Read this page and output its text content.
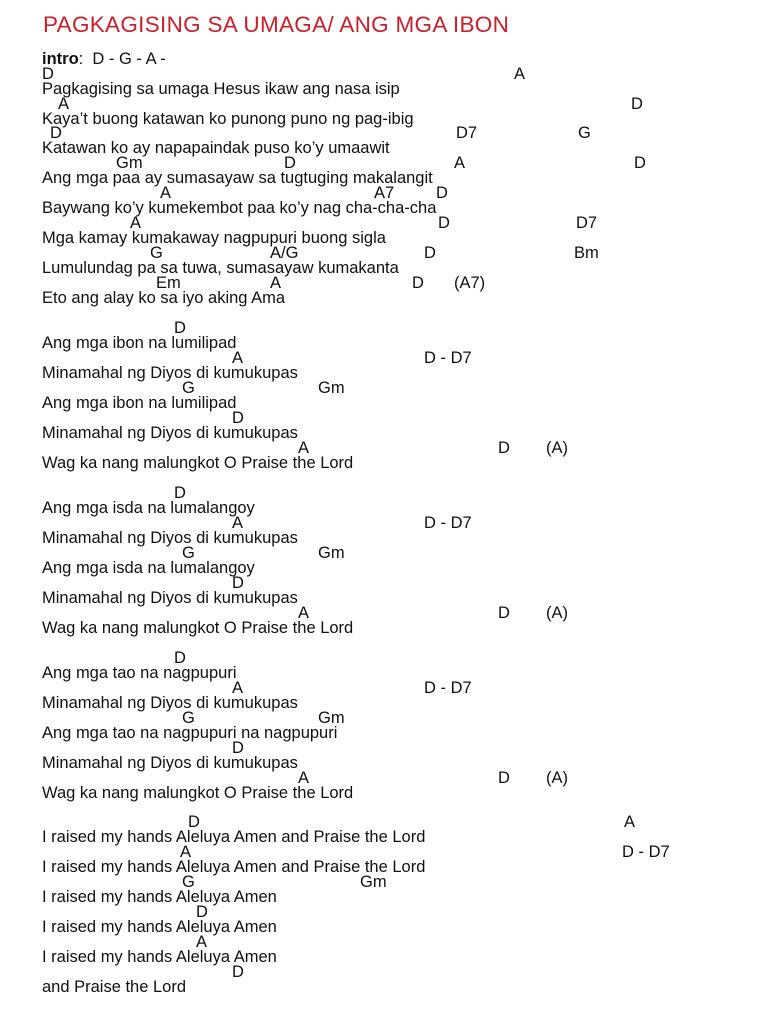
PAGKAGISING SA UMAGA/ ANG MGA IBON
intro:  D - G - A -
D	A
Pagkagising sa umaga Hesus ikaw ang nasa isip
A	D
Kaya’t buong katawan ko punong puno ng pag-ibig
D	D7	G
Katawan ko ay napapaindak puso ko’y umaawit
Gm	D	A	D
Ang mga paa ay sumasayaw sa tugtuging makalangit
A	A7	D
Baywang ko’y kumekembot paa ko’y nag cha-cha-cha
A	D	D7
Mga kamay kumakaway nagpupuri buong sigla
G	A/G	D	Bm
Lumulundag pa sa tuwa, sumasayaw kumakanta
Em	A	D (A7)
Eto ang alay ko sa iyo aking Ama
D
Ang mga ibon na lumilipad
A	D - D7
Minamahal ng Diyos di kumukupas
G	Gm
Ang mga ibon na lumilipad
D
Minamahal ng Diyos di kumukupas
A	D (A)
Wag ka nang malungkot O Praise the Lord
D
Ang mga isda na lumalangoy
A	D - D7
Minamahal ng Diyos di kumukupas
G	Gm
Ang mga isda na lumalangoy
D
Minamahal ng Diyos di kumukupas
A	D (A)
Wag ka nang malungkot O Praise the Lord
D
Ang mga tao na nagpupuri
A	D - D7
Minamahal ng Diyos di kumukupas
G	Gm
Ang mga tao na nagpupuri na nagpupuri
D
Minamahal ng Diyos di kumukupas
A	D (A)
Wag ka nang malungkot O Praise the Lord
D	A
I raised my hands Aleluya Amen and Praise the Lord
A	D - D7
I raised my hands Aleluya Amen and Praise the Lord
G	Gm
I raised my hands Aleluya Amen
D
I raised my hands Aleluya Amen
A
I raised my hands Aleluya Amen
D
and Praise the Lord
